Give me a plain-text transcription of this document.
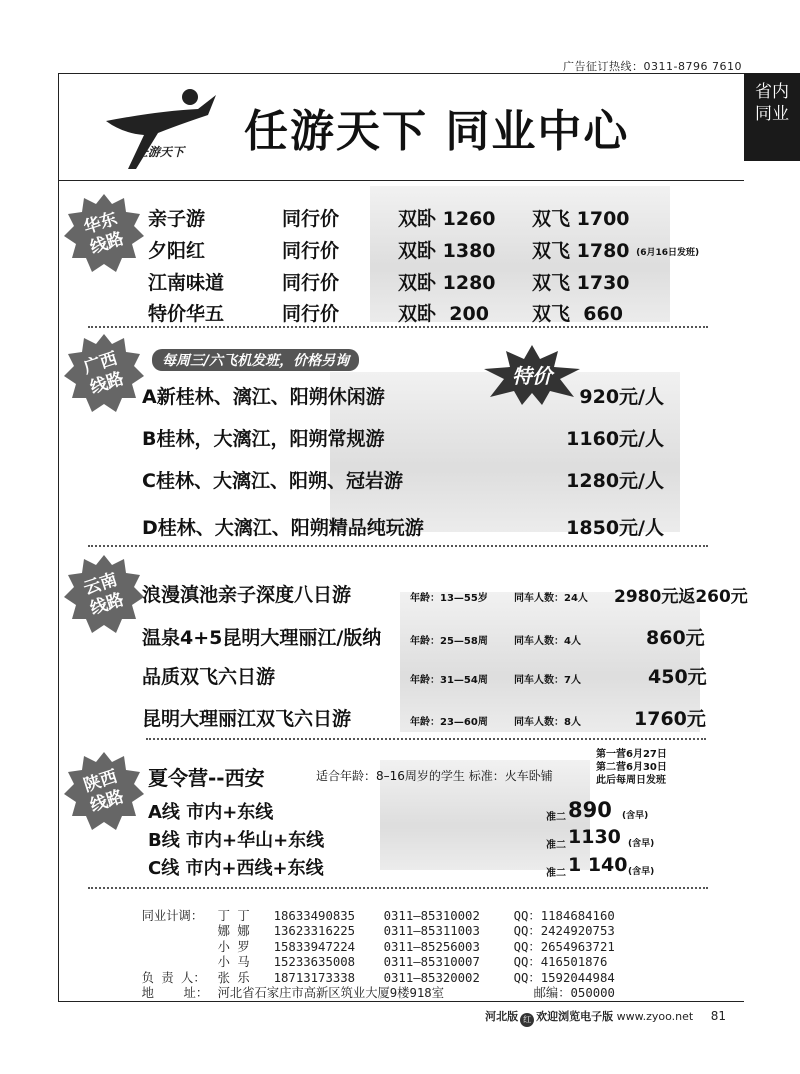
广告征订热线：0311-8796 7610
省内
同业
任游天下 任游天下 同业中心
华东
线路
亲子游	同行价	双卧 1260 双飞 1700
夕阳红	同行价	双卧 1380 双飞 1780 (6月16日发班)
江南味道	同行价	双卧 1280 双飞 1730
特价华五	同行价	双卧 200 双飞 660
广西
线路
每周三/六飞机发班，价格另询
特价
A新桂林、漓江、阳朔休闲游	920元/人
B桂林，大漓江，阳朔常规游	1160元/人
C桂林、大漓江、阳朔、冠岩游	1280元/人
D桂林、大漓江、阳朔精品纯玩游	1850元/人
云南
线路 浪漫滇池亲子深度八日游	年龄：13—55岁	同车人数：24人 2980元返260元
温泉4+5昆明大理丽江/版纳	年龄：25—58周	同车人数：4人	860元
品质双飞六日游	年龄：31—54周	同车人数：7人	450元
昆明大理丽江双飞六日游	年龄：23—60周	同车人数：8人	1760元
陕西
线路
夏令营--西安	适合年龄：8–16周岁的学生 标准：火车卧铺
第一营6月27日
第二营6月30日
此后每周日发班
A线 市内+东线	准二 890 (含早)
B线 市内+华山+东线	准二 1130 (含早)
C线 市内+西线+东线	准二 1 140 (含早)

同业计调： 丁 丁 18633490835 0311—85310002	QQ：1184684160

娜 娜 13623316225 0311—85311003	QQ：2424920753

小 罗 15833947224 0311—85256003	QQ：2654963721

小 马 15233635008 0311—85310007	QQ：416501876

负 责 人： 张 乐 18713173338 0311—85320002	QQ：1592044984

地    址： 河北省石家庄市高新区筑业大厦9楼918室	邮编：050000

河北版 红 欢迎浏览电子版 www.zyoo.net 81
